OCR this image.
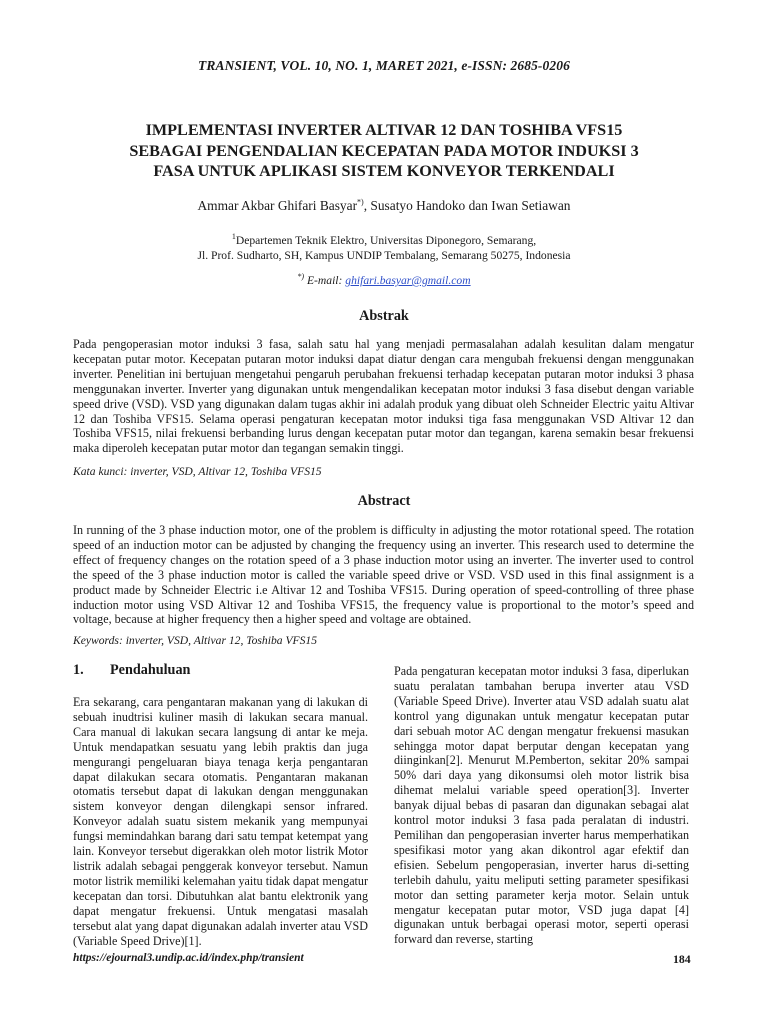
TRANSIENT, VOL. 10, NO. 1, MARET 2021, e-ISSN: 2685-0206
IMPLEMENTASI INVERTER ALTIVAR 12 DAN TOSHIBA VFS15
SEBAGAI PENGENDALIAN KECEPATAN PADA MOTOR INDUKSI 3
FASA UNTUK APLIKASI SISTEM KONVEYOR TERKENDALI
Ammar Akbar Ghifari Basyar*), Susatyo Handoko dan Iwan Setiawan
$^1$Departemen Teknik Elektro, Universitas Diponegoro, Semarang,
Jl. Prof. Sudharto, SH, Kampus UNDIP Tembalang, Semarang 50275, Indonesia
*) E-mail: ghifari.basyar@gmail.com
Abstrak
Pada pengoperasian motor induksi 3 fasa, salah satu hal yang menjadi permasalahan adalah kesulitan dalam mengatur kecepatan putar motor. Kecepatan putaran motor induksi dapat diatur dengan cara mengubah frekuensi dengan menggunakan inverter. Penelitian ini bertujuan mengetahui pengaruh perubahan frekuensi terhadap kecepatan putaran motor induksi 3 phasa menggunakan inverter. Inverter yang digunakan untuk mengendalikan kecepatan motor induksi 3 fasa disebut dengan variable speed drive (VSD). VSD yang digunakan dalam tugas akhir ini adalah produk yang dibuat oleh Schneider Electric yaitu Altivar 12 dan Toshiba VFS15. Selama operasi pengaturan kecepatan motor induksi tiga fasa menggunakan VSD Altivar 12 dan Toshiba VFS15, nilai frekuensi berbanding lurus dengan kecepatan putar motor dan tegangan, karena semakin besar frekuensi maka diperoleh kecepatan putar motor dan tegangan semakin tinggi.
Kata kunci: inverter, VSD, Altivar 12, Toshiba VFS15
Abstract
In running of the 3 phase induction motor, one of the problem is difficulty in adjusting the motor rotational speed. The rotation speed of an induction motor can be adjusted by changing the frequency using an inverter. This research used to determine the effect of frequency changes on the rotation speed of a 3 phase induction motor using an inverter. The inverter used to control the speed of the 3 phase induction motor is called the variable speed drive or VSD. VSD used in this final assignment is a product made by Schneider Electric i.e Altivar 12 and Toshiba VFS15. During operation of speed-controlling of three phase induction motor using VSD Altivar 12 and Toshiba VFS15, the frequency value is proportional to the motor’s speed and voltage, because at higher frequency then a higher speed and voltage are obtained.
Keywords: inverter, VSD, Altivar 12, Toshiba VFS15
1. Pendahuluan
Era sekarang, cara pengantaran makanan yang di lakukan di sebuah inudtrisi kuliner masih di lakukan secara manual. Cara manual di lakukan secara langsung di antar ke meja. Untuk mendapatkan sesuatu yang lebih praktis dan juga mengurangi pengeluaran biaya tenaga kerja pengantaran dapat dilakukan secara otomatis. Pengantaran makanan otomatis tersebut dapat di lakukan dengan menggunakan sistem konveyor dengan dilengkapi sensor infrared. Konveyor adalah suatu sistem mekanik yang mempunyai fungsi memindahkan barang dari satu tempat ketempat yang lain. Konveyor tersebut digerakkan oleh motor listrik Motor listrik adalah sebagai penggerak konveyor tersebut. Namun motor listrik memiliki kelemahan yaitu tidak dapat mengatur kecepatan dan torsi. Dibutuhkan alat bantu elektronik yang dapat mengatur frekuensi. Untuk mengatasi masalah tersebut alat yang dapat digunakan adalah inverter atau VSD (Variable Speed Drive)[1].
Pada pengaturan kecepatan motor induksi 3 fasa, diperlukan suatu peralatan tambahan berupa inverter atau VSD (Variable Speed Drive). Inverter atau VSD adalah suatu alat kontrol yang digunakan untuk mengatur kecepatan putar dari sebuah motor AC dengan mengatur frekuensi masukan sehingga motor dapat berputar dengan kecepatan yang diinginkan[2]. Menurut M.Pemberton, sekitar 20% sampai 50% dari daya yang dikonsumsi oleh motor listrik bisa dihemat melalui variable speed operation[3]. Inverter banyak dijual bebas di pasaran dan digunakan sebagai alat kontrol motor induksi 3 fasa pada peralatan di industri. Pemilihan dan pengoperasian inverter harus memperhatikan spesifikasi motor yang akan dikontrol agar efektif dan efisien. Sebelum pengoperasian, inverter harus di-setting terlebih dahulu, yaitu meliputi setting parameter spesifikasi motor dan setting parameter kerja motor. Selain untuk mengatur kecepatan putar motor, VSD juga dapat [4] digunakan untuk berbagai operasi motor, seperti operasi forward dan reverse, starting
https://ejournal3.undip.ac.id/index.php/transient	184
